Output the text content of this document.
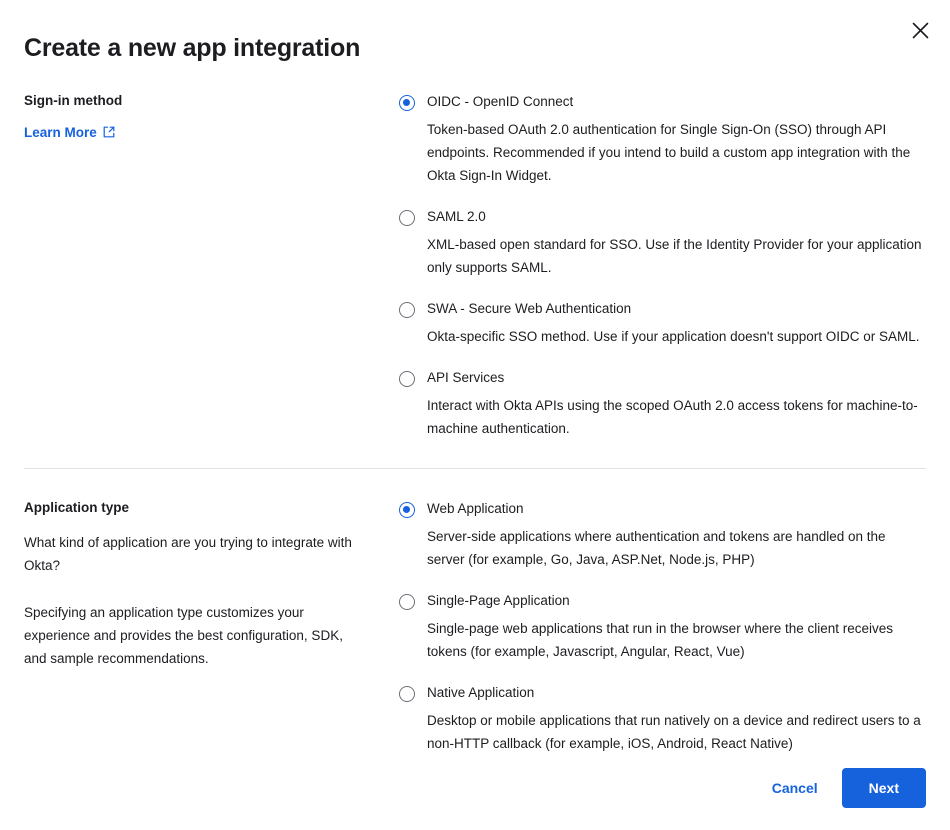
Create a new app integration
Sign-in method
Learn More
OIDC - OpenID Connect

Token-based OAuth 2.0 authentication for Single Sign-On (SSO) through API endpoints. Recommended if you intend to build a custom app integration with the Okta Sign-In Widget.

SAML 2.0

XML-based open standard for SSO. Use if the Identity Provider for your application only supports SAML.

SWA - Secure Web Authentication

Okta-specific SSO method. Use if your application doesn't support OIDC or SAML.

API Services

Interact with Okta APIs using the scoped OAuth 2.0 access tokens for machine-to-machine authentication.

Application type

What kind of application are you trying to integrate with Okta?

Specifying an application type customizes your experience and provides the best configuration, SDK, and sample recommendations.

Web Application

Server-side applications where authentication and tokens are handled on the server (for example, Go, Java, ASP.Net, Node.js, PHP)

Single-Page Application

Single-page web applications that run in the browser where the client receives tokens (for example, Javascript, Angular, React, Vue)

Native Application

Desktop or mobile applications that run natively on a device and redirect users to a non-HTTP callback (for example, iOS, Android, React Native)

Cancel	Next
